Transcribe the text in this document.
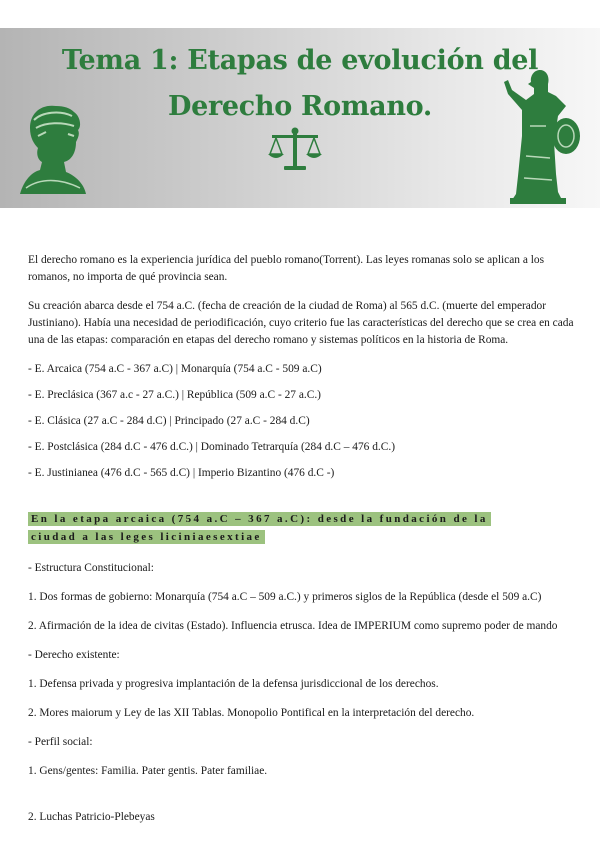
Tema 1: Etapas de evolución del
Derecho Romano.

El derecho romano es la experiencia jurídica del pueblo romano(Torrent). Las leyes romanas solo se aplican a los romanos, no importa de qué provincia sean.

Su creación abarca desde el 754 a.C. (fecha de creación de la ciudad de Roma) al 565 d.C. (muerte del emperador Justiniano). Había una necesidad de periodificación, cuyo criterio fue las características del derecho que se crea en cada una de las etapas: comparación en etapas del derecho romano y sistemas políticos en la historia de Roma.

- E. Arcaica (754 a.C - 367 a.C) | Monarquía (754 a.C - 509 a.C)
- E. Preclásica (367 a.c - 27 a.C.) | República (509 a.C - 27 a.C.)
- E. Clásica (27 a.C - 284 d.C) | Principado (27 a.C - 284 d.C)
- E. Postclásica (284 d.C - 476 d.C.) | Dominado Tetrarquía (284 d.C – 476 d.C.)
- E. Justinianea (476 d.C - 565 d.C) | Imperio Bizantino (476 d.C -)
En la etapa arcaica (754 a.C – 367 a.C): desde la fundación de la
ciudad a las leges liciniaesextiae
- Estructura Constitucional:
1. Dos formas de gobierno: Monarquía (754 a.C – 509 a.C.) y primeros siglos de la República (desde el 509 a.C)
2. Afirmación de la idea de civitas (Estado). Influencia etrusca. Idea de IMPERIUM como supremo poder de mando
- Derecho existente:
1. Defensa privada y progresiva implantación de la defensa jurisdiccional de los derechos.
2. Mores maiorum y Ley de las XII Tablas. Monopolio Pontifical en la interpretación del derecho.
- Perfil social:
1. Gens/gentes: Familia. Pater gentis. Pater familiae.
2. Luchas Patricio-Plebeyas
